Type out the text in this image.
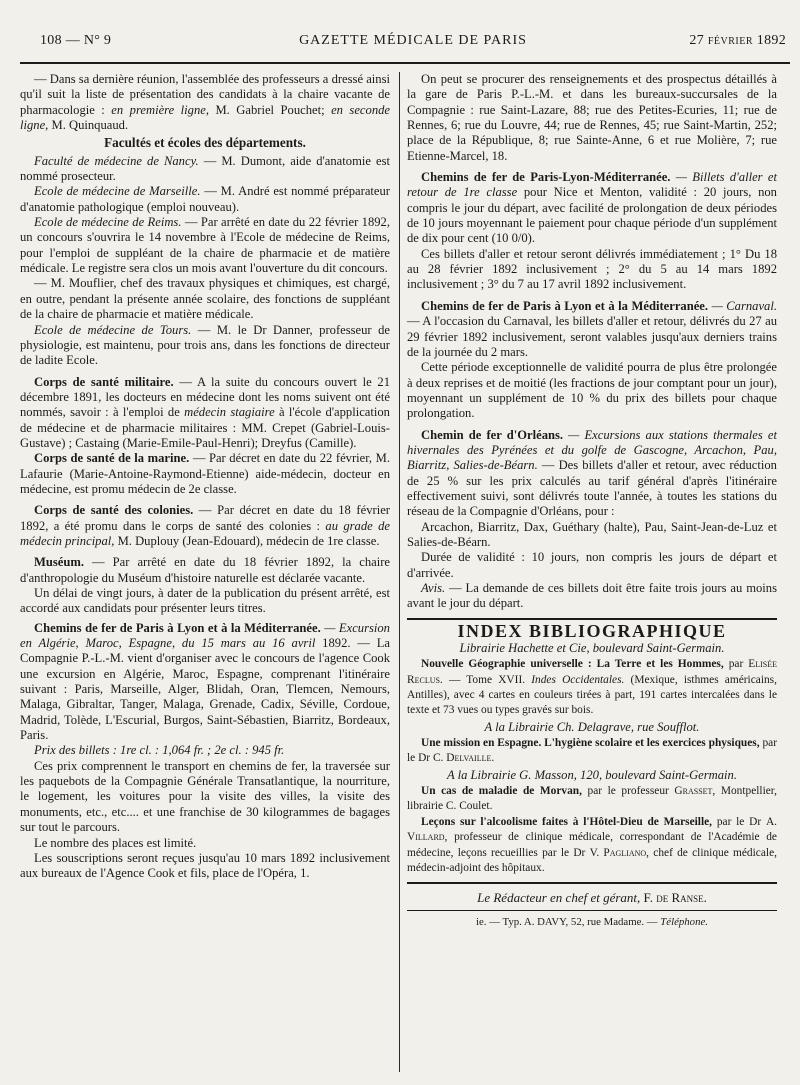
108 — N° 9	GAZETTE MÉDICALE DE PARIS	27 FÉVRIER 1892

— Dans sa dernière réunion, l'assemblée des professeurs a dressé ainsi qu'il suit la liste de présentation des candidats à la chaire vacante de pharmacologie : en première ligne, M. Gabriel Pouchet; en seconde ligne, M. Quinquaud.

Facultés et écoles des départements.

Faculté de médecine de Nancy. — M. Dumont, aide d'anatomie est nommé prosecteur.

Ecole de médecine de Marseille. — M. André est nommé préparateur d'anatomie pathologique (emploi nouveau).

Ecole de médecine de Reims. — Par arrêté en date du 22 février 1892, un concours s'ouvrira le 14 novembre à l'Ecole de médecine de Reims, pour l'emploi de suppléant de la chaire de pharmacie et de matière médicale. Le registre sera clos un mois avant l'ouverture du dit concours.

— M. Mouflier, chef des travaux physiques et chimiques, est chargé, en outre, pendant la présente année scolaire, des fonctions de suppléant de la chaire de pharmacie et matière médicale.

Ecole de médecine de Tours. — M. le Dr Danner, professeur de physiologie, est maintenu, pour trois ans, dans les fonctions de directeur de ladite Ecole.

Corps de santé militaire. — A la suite du concours ouvert le 21 décembre 1891, les docteurs en médecine dont les noms suivent ont été nommés, savoir : à l'emploi de médecin stagiaire à l'école d'application de médecine et de pharmacie militaires : MM. Crepet (Gabriel-Louis-Gustave) ; Castaing (Marie-Emile-Paul-Henri); Dreyfus (Camille).

Corps de santé de la marine. — Par décret en date du 22 février, M. Lafaurie (Marie-Antoine-Raymond-Etienne) aide-médecin, docteur en médecine, est promu médecin de 2e classe.

Corps de santé des colonies. — Par décret en date du 18 février 1892, a été promu dans le corps de santé des colonies : au grade de médecin principal, M. Duplouy (Jean-Edouard), médecin de 1re classe.

Muséum. — Par arrêté en date du 18 février 1892, la chaire d'anthropologie du Muséum d'histoire naturelle est déclarée vacante.

Un délai de vingt jours, à dater de la publication du présent arrêté, est accordé aux candidats pour présenter leurs titres.

Chemins de fer de Paris à Lyon et à la Méditerranée. — Excursion en Algérie, Maroc, Espagne, du 15 mars au 16 avril 1892. — La Compagnie P.-L.-M. vient d'organiser avec le concours de l'agence Cook une excursion en Algérie, Maroc, Espagne, comprenant l'itinéraire suivant : Paris, Marseille, Alger, Blidah, Oran, Tlemcen, Nemours, Malaga, Gibraltar, Tanger, Malaga, Grenade, Cadix, Séville, Cordoue, Madrid, Tolède, L'Escurial, Burgos, Saint-Sébastien, Biarritz, Bordeaux, Paris.

Prix des billets : 1re cl. : 1,064 fr. ; 2e cl. : 945 fr.

Ces prix comprennent le transport en chemins de fer, la traversée sur les paquebots de la Compagnie Générale Transatlantique, la nourriture, le logement, les voitures pour la visite des villes, la visite des monuments, etc., etc.... et une franchise de 30 kilogrammes de bagages sur tout le parcours.

Le nombre des places est limité.

Les souscriptions seront reçues jusqu'au 10 mars 1892 inclusivement aux bureaux de l'Agence Cook et fils, place de l'Opéra, 1.

On peut se procurer des renseignements et des prospectus détaillés à la gare de Paris P.-L.-M. et dans les bureaux-succursales de la Compagnie : rue Saint-Lazare, 88; rue des Petites-Ecuries, 11; rue de Rennes, 6; rue du Louvre, 44; rue de Rennes, 45; rue Saint-Martin, 252; place de la République, 8; rue Sainte-Anne, 6 et rue Molière, 7; rue Etienne-Marcel, 18.

Chemins de fer de Paris-Lyon-Méditerranée. — Billets d'aller et retour de 1re classe pour Nice et Menton, validité : 20 jours, non compris le jour du départ, avec facilité de prolongation de deux périodes de 10 jours moyennant le paiement pour chaque période d'un supplément de dix pour cent (10 0/0).

Ces billets d'aller et retour seront délivrés immédiatement ; 1° Du 18 au 28 février 1892 inclusivement ; 2° du 5 au 14 mars 1892 inclusivement ; 3° du 7 au 17 avril 1892 inclusivement.

Chemins de fer de Paris à Lyon et à la Méditerranée. — Carnaval. — A l'occasion du Carnaval, les billets d'aller et retour, délivrés du 27 au 29 février 1892 inclusivement, seront valables jusqu'aux derniers trains de la journée du 2 mars.

Cette période exceptionnelle de validité pourra de plus être prolongée à deux reprises et de moitié (les fractions de jour comptant pour un jour), moyennant un supplément de 10 % du prix des billets pour chaque prolongation.

Chemin de fer d'Orléans. — Excursions aux stations thermales et hivernales des Pyrénées et du golfe de Gascogne, Arcachon, Pau, Biarritz, Salies-de-Béarn. — Des billets d'aller et retour, avec réduction de 25 % sur les prix calculés au tarif général d'après l'itinéraire effectivement suivi, sont délivrés toute l'année, à toutes les stations du réseau de la Compagnie d'Orléans, pour :

Arcachon, Biarritz, Dax, Guéthary (halte), Pau, Saint-Jean-de-Luz et Salies-de-Béarn.

Durée de validité : 10 jours, non compris les jours de départ et d'arrivée.

Avis. — La demande de ces billets doit être faite trois jours au moins avant le jour du départ.

INDEX BIBLIOGRAPHIQUE

Librairie Hachette et Cie, boulevard Saint-Germain.

Nouvelle Géographie universelle : La Terre et les Hommes, par Elisée Reclus. — Tome XVII. Indes Occidentales. (Mexique, isthmes américains, Antilles), avec 4 cartes en couleurs tirées à part, 191 cartes intercalées dans le texte et 73 vues ou types gravés sur bois.

A la Librairie Ch. Delagrave, rue Soufflot.

Une mission en Espagne. L'hygiène scolaire et les exercices physiques, par le Dr C. Delvaille.

A la Librairie G. Masson, 120, boulevard Saint-Germain.

Un cas de maladie de Morvan, par le professeur Grasset, Montpellier, librairie C. Coulet.

Leçons sur l'alcoolisme faites à l'Hôtel-Dieu de Marseille, par le Dr A. Villard, professeur de clinique médicale, correspondant de l'Académie de médecine, leçons recueillies par le Dr V. Pagliano, chef de clinique médicale, médecin-adjoint des hôpitaux.

Le Rédacteur en chef et gérant, F. de Ranse.

ie. — Typ. A. DAVY, 52, rue Madame. — Téléphone.
